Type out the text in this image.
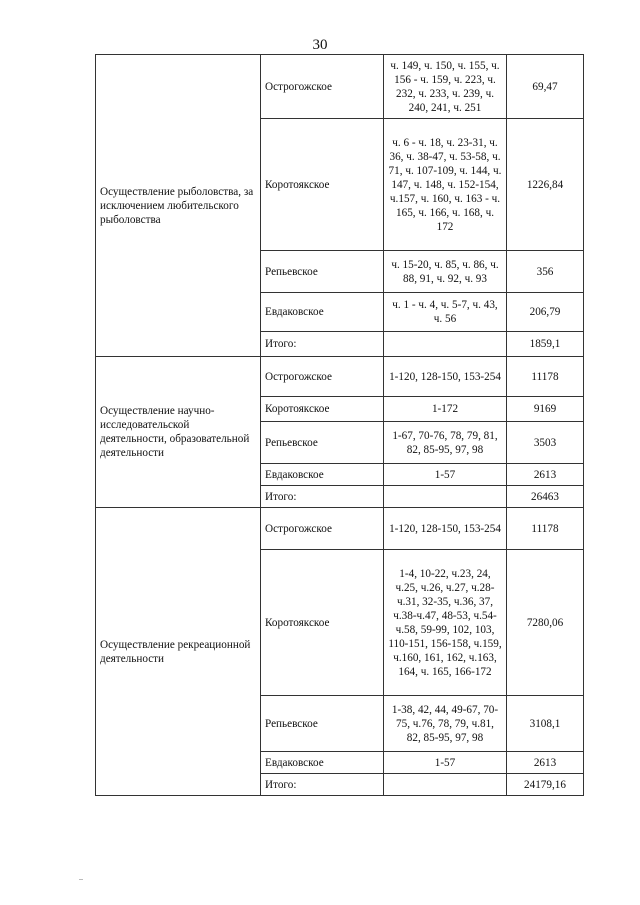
30
Осуществление рыболовства, за исключением любительского рыболовства	Острогожское	ч. 149, ч. 150, ч. 155, ч. 156 - ч. 159, ч. 223, ч. 232, ч. 233, ч. 239, ч. 240, 241, ч. 251	69,47
	Коротоякское	ч. 6 - ч. 18, ч. 23-31, ч. 36, ч. 38-47, ч. 53-58, ч. 71, ч. 107-109, ч. 144, ч. 147, ч. 148, ч. 152-154, ч.157, ч. 160, ч. 163 - ч. 165, ч. 166, ч. 168, ч. 172	1226,84
	Репьевское	ч. 15-20, ч. 85, ч. 86, ч. 88, 91, ч. 92, ч. 93	356
	Евдаковское	ч. 1 - ч. 4, ч. 5-7, ч. 43, ч. 56	206,79
	Итого:		1859,1
Осуществление научно-исследовательской деятельности, образовательной деятельности	Острогожское	1-120, 128-150, 153-254	11178
	Коротоякское	1-172	9169
	Репьевское	1-67, 70-76, 78, 79, 81, 82, 85-95, 97, 98	3503
	Евдаковское	1-57	2613
	Итого:		26463
Осуществление рекреационной деятельности	Острогожское	1-120, 128-150, 153-254	11178
	Коротоякское	1-4, 10-22, ч.23, 24, ч.25, ч.26, ч.27, ч.28-ч.31, 32-35, ч.36, 37, ч.38-ч.47, 48-53, ч.54-ч.58, 59-99, 102, 103, 110-151, 156-158, ч.159, ч.160, 161, 162, ч.163, 164, ч. 165, 166-172	7280,06
	Репьевское	1-38, 42, 44, 49-67, 70-75, ч.76, 78, 79, ч.81, 82, 85-95, 97, 98	3108,1
	Евдаковское	1-57	2613
	Итого:		24179,16
